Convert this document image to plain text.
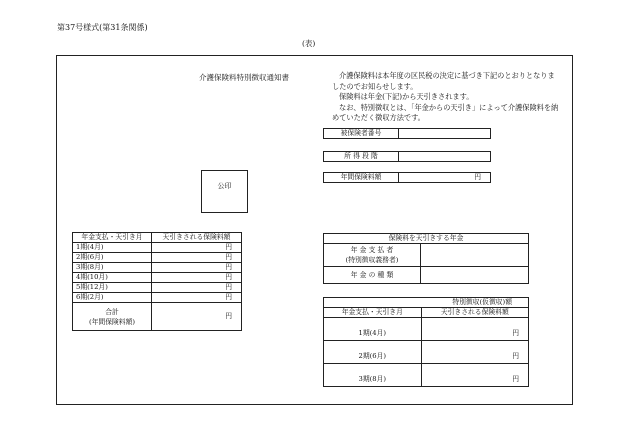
第37号様式(第31条関係)
(表)
介護保険料特別徴収通知書	介護保険料は本年度の区民税の決定に基づき下記のとおりとなりましたのでお知らせします。

保険料は年金(下記)から天引きされます。

なお、特別徴収とは、「年金からの天引き」によって介護保険料を納めていただく徴収方法です。

被保険者番号	
所 得 段 階	
年間保険料額	円
公印
年金支払・天引き月	天引きされる保険料額
1期(4月)	円
2期(6月)	円
3期(8月)	円
4期(10月)	円
5期(12月)	円
6期(2月)	円

合計
(年間保険料額)	円
保険料を天引きする年金	

年 金 支 払 者
(特別徴収義務者)	

年 金 の 種 類	
特別徴収(仮徴収)額	
年金支払・天引き月	天引きされる保険料額
1期(4月)	円
2期(6月)	円
3期(8月)	円
